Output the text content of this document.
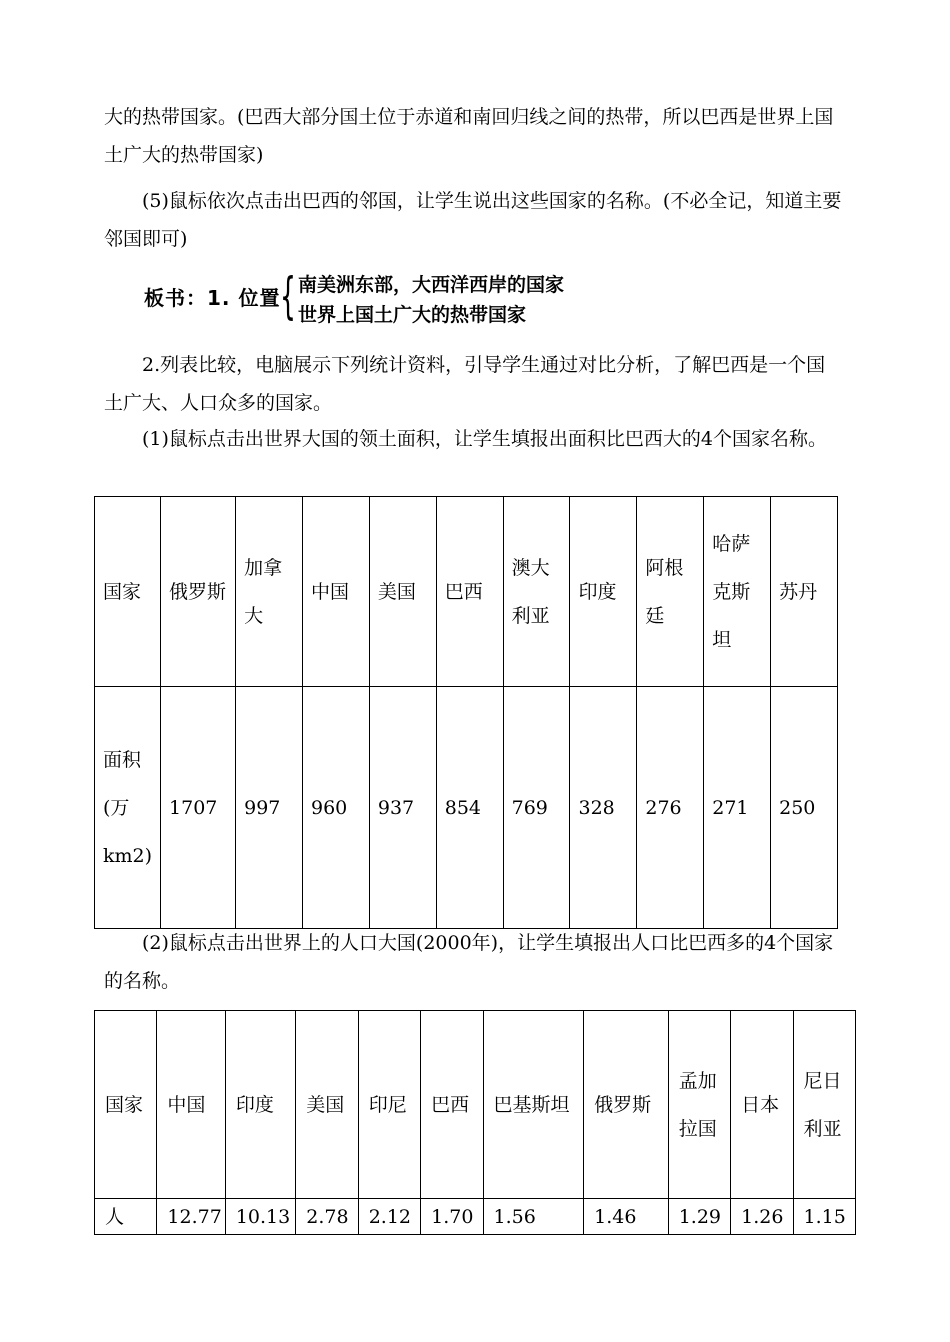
大的热带国家。(巴西大部分国土位于赤道和南回归线之间的热带，所以巴西是世界上国土广大的热带国家)

(5)鼠标依次点击出巴西的邻国，让学生说出这些国家的名称。(不必全记，知道主要邻国即可)

板书：1. 位置 { 南美洲东部，大西洋西岸的国家
世界上国土广大的热带国家

2.列表比较，电脑展示下列统计资料，引导学生通过对比分析，了解巴西是一个国土广大、人口众多的国家。

(1)鼠标点击出世界大国的领土面积，让学生填报出面积比巴西大的4个国家名称。

国家	俄罗斯	加拿大	中国	美国	巴西	澳大利亚	印度	阿根廷	哈萨克斯坦	苏丹

面积(万km2)	1707	997	960	937	854	769	328	276	271	250

(2)鼠标点击出世界上的人口大国(2000年)，让学生填报出人口比巴西多的4个国家的名称。

国家	中国	印度	美国	印尼	巴西	巴基斯坦	俄罗斯	孟加拉国	日本	尼日利亚
人	12.77	10.13	2.78	2.12	1.70	1.56	1.46	1.29	1.26	1.15
